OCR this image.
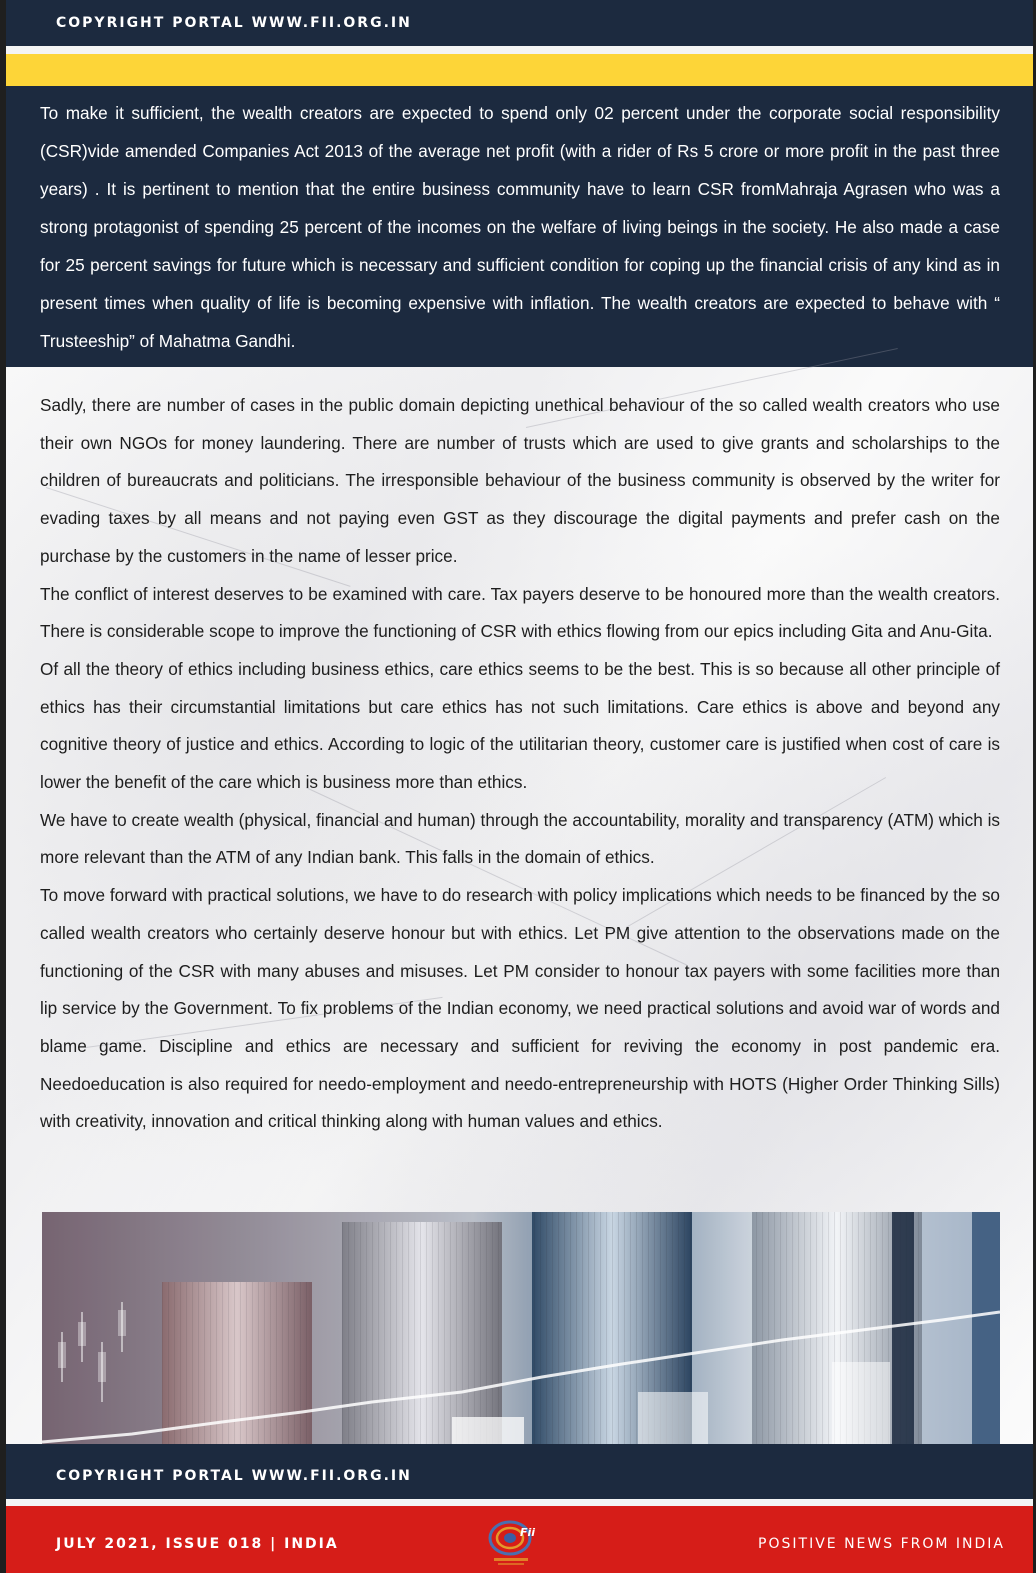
COPYRIGHT PORTAL WWW.FII.ORG.IN

To make it sufficient, the wealth creators are expected to spend only 02 percent under the corporate social responsibility (CSR)vide amended Companies Act 2013 of the average net profit (with a rider of Rs 5 crore or more profit in the past three years) . It is pertinent to mention that the entire business community have to learn CSR fromMahraja Agrasen who was a strong protagonist of spending 25 percent of the incomes on the welfare of living beings in the society. He also made a case for 25 percent savings for future which is necessary and sufficient condition for coping up the financial crisis of any kind as in present times when quality of life is becoming expensive with inflation. The wealth creators are expected to behave with “ Trusteeship” of Mahatma Gandhi.

Sadly, there are number of cases in the public domain depicting unethical behaviour of the so called wealth creators who use their own NGOs for money laundering. There are number of trusts which are used to give grants and scholarships to the children of bureaucrats and politicians. The irresponsible behaviour of the business community is observed by the writer for evading taxes by all means and not paying even GST as they discourage the digital payments and prefer cash on the purchase by the customers in the name of lesser price.

The conflict of interest deserves to be examined with care. Tax payers deserve to be honoured more than the wealth creators. There is considerable scope to improve the functioning of CSR with ethics flowing from our epics including Gita and Anu-Gita.

Of all the theory of ethics including business ethics, care ethics seems to be the best. This is so because all other principle of ethics has their circumstantial limitations but care ethics has not such limitations. Care ethics is above and beyond any cognitive theory of justice and ethics. According to logic of the utilitarian theory, customer care is justified when cost of care is lower the benefit of the care which is business more than ethics.

We have to create wealth (physical, financial and human) through the accountability, morality and transparency (ATM) which is more relevant than the ATM of any Indian bank. This falls in the domain of ethics.

To move forward with practical solutions, we have to do research with policy implications which needs to be financed by the so called wealth creators who certainly deserve honour but with ethics. Let PM give attention to the observations made on the functioning of the CSR with many abuses and misuses. Let PM consider to honour tax payers with some facilities more than lip service by the Government. To fix problems of the Indian economy, we need practical solutions and avoid war of words and blame game. Discipline and ethics are necessary and sufficient for reviving the economy in post pandemic era. Needoeducation is also required for needo-employment and needo-entrepreneurship with HOTS (Higher Order Thinking Sills) with creativity, innovation and critical thinking along with human values and ethics.

COPYRIGHT PORTAL WWW.FII.ORG.IN
JULY 2021, ISSUE 018 | INDIA
Fii
POSITIVE NEWS FROM INDIA
